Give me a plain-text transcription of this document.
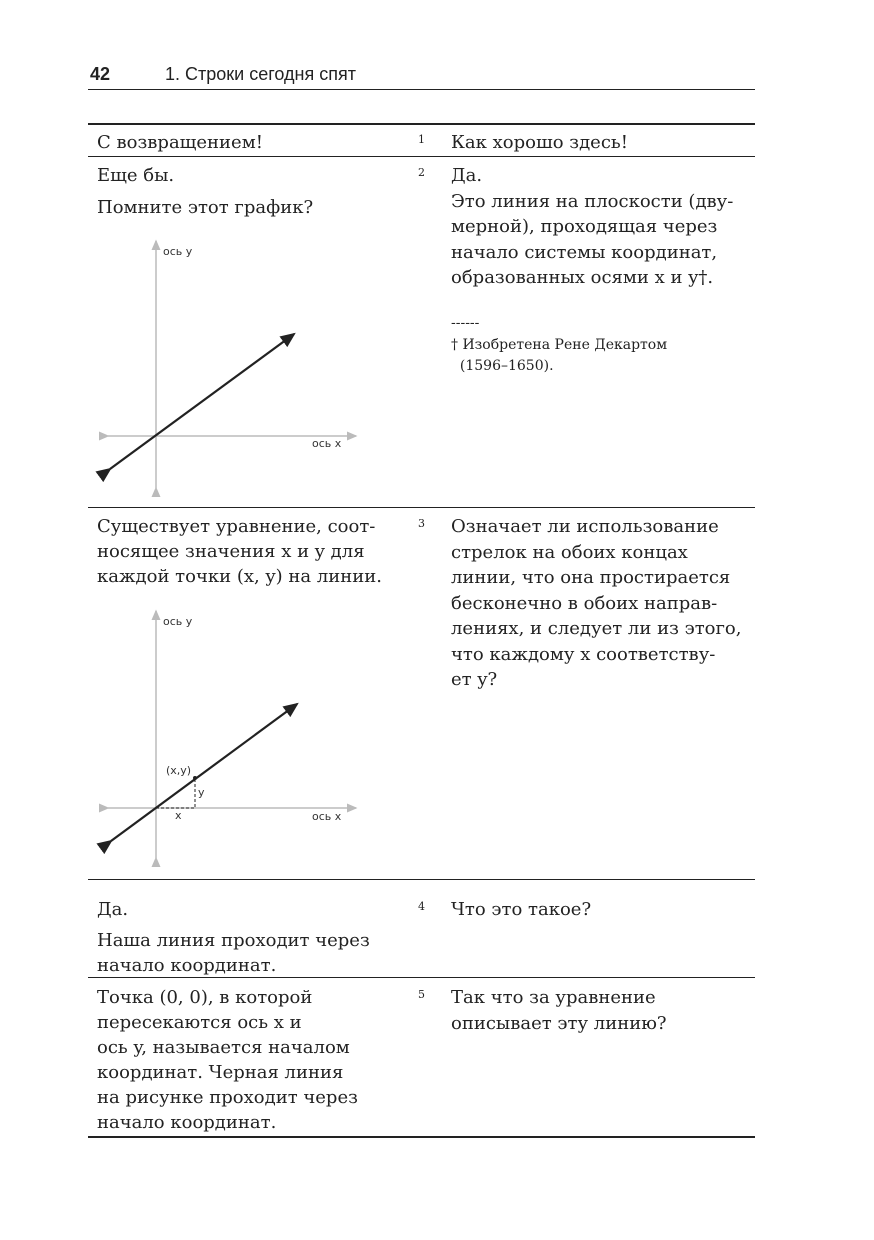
42	1. Строки сегодня спят
1
С возвращением!	Как хорошо здесь!
2
Еще бы.
Помните этот график?
Да.
Это линия на плоскости (дву-
мерной), проходящая через
начало системы координат,
образованных осями x и y†.
------
† Изобретена Рене Декартом
(1596–1650).
3
Существует уравнение, соот-
носящее значения x и y для
каждой точки (x, y) на линии.
Означает ли использование
стрелок на обоих концах
линии, что она простирается
бесконечно в обоих направ-
лениях, и следует ли из этого,
что каждому x соответству-
ет y?
4
Да.
Наша линия проходит через
начало координат.
Что это такое?
5
Точка (0, 0), в которой
пересекаются ось x и
ось y, называется началом
координат. Черная линия
на рисунке проходит через
начало координат.
Так что за уравнение
описывает эту линию?
ось y
ось x
ось y
ось x
(x,y)
y
x
